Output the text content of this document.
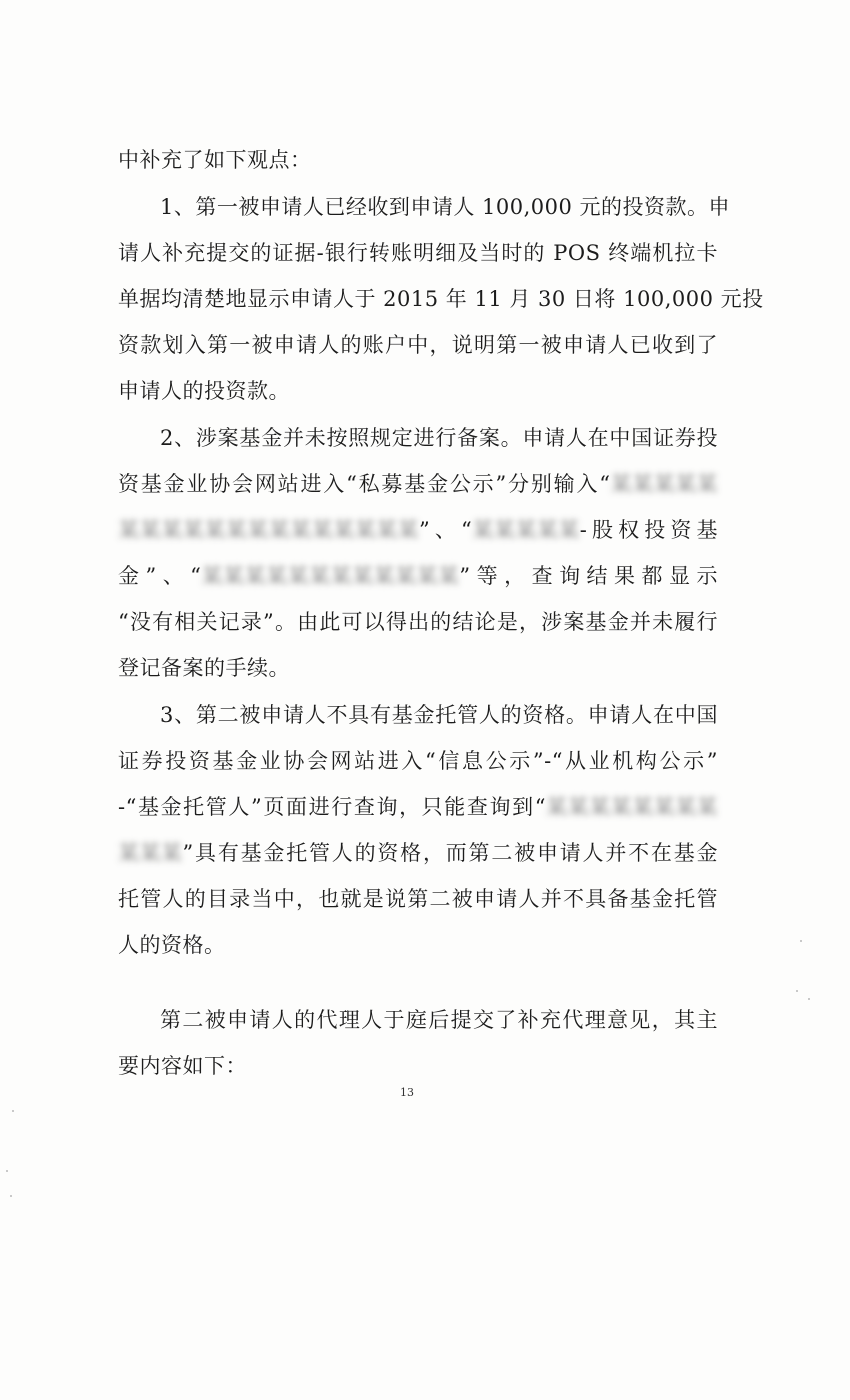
中补充了如下观点：
1、第一被申请人已经收到申请人 100,000 元的投资款。申
请人补充提交的证据-银行转账明细及当时的 POS 终端机拉卡
单据均清楚地显示申请人于 2015 年 11 月 30 日将 100,000 元投
资款划入第一被申请人的账户中，说明第一被申请人已收到了
申请人的投资款。
2、涉案基金并未按照规定进行备案。申请人在中国证券投
资基金业协会网站进入“私募基金公示”分别输入“某某某某某
某某某某某某某某某某某某某某”、“某某某某某-股权投资基
金”、“某某某某某某某某某某某某”等，查询结果都显示
“没有相关记录”。由此可以得出的结论是，涉案基金并未履行
登记备案的手续。
3、第二被申请人不具有基金托管人的资格。申请人在中国
证券投资基金业协会网站进入“信息公示”-“从业机构公示”
-“基金托管人”页面进行查询，只能查询到“某某某某某某某某
某某某”具有基金托管人的资格，而第二被申请人并不在基金
托管人的目录当中，也就是说第二被申请人并不具备基金托管
人的资格。
第二被申请人的代理人于庭后提交了补充代理意见，其主
要内容如下：
13
